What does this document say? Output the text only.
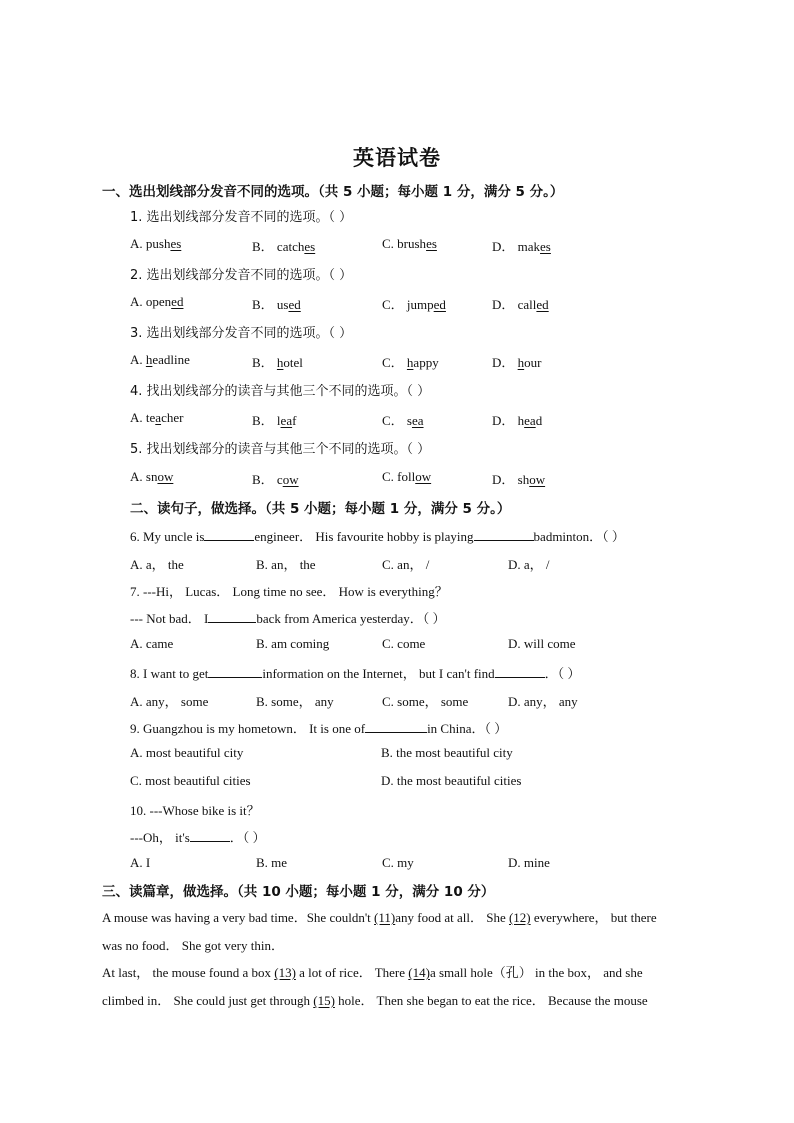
英语试卷
一、选出划线部分发音不同的选项。（共 5 小题；每小题 1 分，满分 5 分。）
1. 选出划线部分发音不同的选项。（ ）
A. pushes	B． catches	C. brushes	D． makes
2. 选出划线部分发音不同的选项。（ ）
A. opened	B． used	C． jumped	D． called
3. 选出划线部分发音不同的选项。（ ）
A. headline	B． hotel	C． happy	D． hour
4. 找出划线部分的读音与其他三个不同的选项。（ ）
A. teacher	B． leaf	C． sea	D． head
5. 找出划线部分的读音与其他三个不同的选项。（ ）
A. snow	B． cow	C. follow	D． show
二、读句子，做选择。（共 5 小题；每小题 1 分，满分 5 分。）
6. My uncle is	engineer． His favourite hobby is playing	badminton．（ ）
A. a， the	B. an， the	C. an， /	D. a， /
7. ---Hi， Lucas． Long time no see． How is everything？
--- Not bad． I	back from America yesterday．（ ）
A. came	B. am coming	C. come	D. will come
8. I want to get	information on the Internet， but I can't find	．（ ）
A. any， some	B. some， any	C. some， some	D. any， any
9. Guangzhou is my hometown． It is one of	in China．（ ）
A. most beautiful city	B. the most beautiful city
C. most beautiful cities	D. the most beautiful cities
10. ---Whose bike is it？
---Oh， it's	．（ ）
A. I	B. me	C. my	D. mine
三、读篇章，做选择。（共 10 小题；每小题 1 分，满分 10 分）
A mouse was having a very bad time．She couldn't (11)any food at all． She (12) everywhere， but there
was no food． She got very thin．
At last， the mouse found a box (13) a lot of rice． There (14)a small hole（孔） in the box， and she
climbed in． She could just get through (15) hole． Then she began to eat the rice． Because the mouse
